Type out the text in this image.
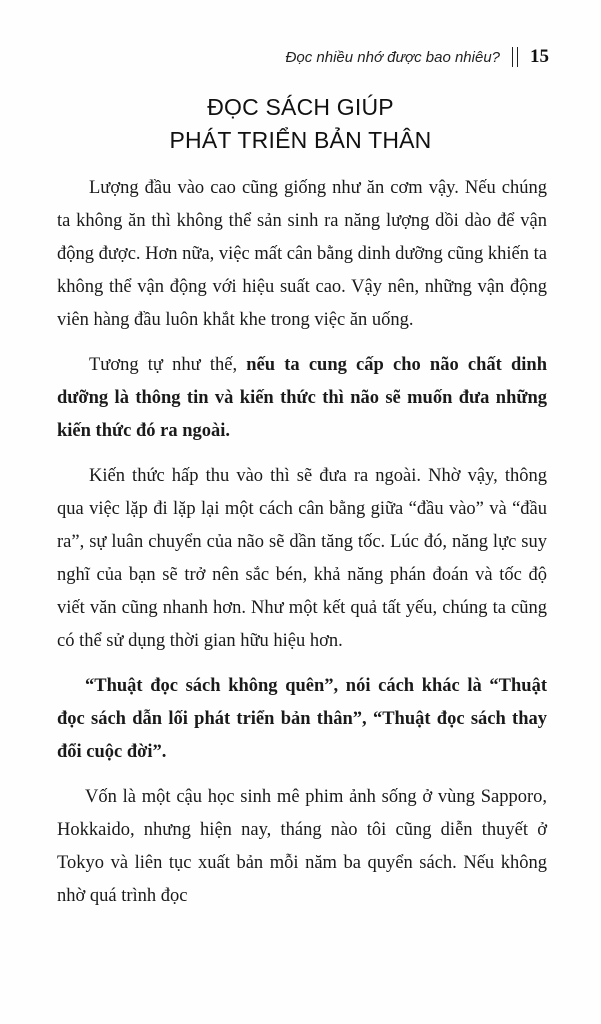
Đọc nhiều nhớ được bao nhiêu? 15
ĐỌC SÁCH GIÚP
PHÁT TRIỂN BẢN THÂN

Lượng đầu vào cao cũng giống như ăn cơm vậy. Nếu chúng ta không ăn thì không thể sản sinh ra năng lượng dồi dào để vận động được. Hơn nữa, việc mất cân bằng dinh dưỡng cũng khiến ta không thể vận động với hiệu suất cao. Vậy nên, những vận động viên hàng đầu luôn khắt khe trong việc ăn uống.

Tương tự như thế, nếu ta cung cấp cho não chất dinh dưỡng là thông tin và kiến thức thì não sẽ muốn đưa những kiến thức đó ra ngoài.

Kiến thức hấp thu vào thì sẽ đưa ra ngoài. Nhờ vậy, thông qua việc lặp đi lặp lại một cách cân bằng giữa “đầu vào” và “đầu ra”, sự luân chuyển của não sẽ dần tăng tốc. Lúc đó, năng lực suy nghĩ của bạn sẽ trở nên sắc bén, khả năng phán đoán và tốc độ viết văn cũng nhanh hơn. Như một kết quả tất yếu, chúng ta cũng có thể sử dụng thời gian hữu hiệu hơn.

“Thuật đọc sách không quên”, nói cách khác là “Thuật đọc sách dẫn lối phát triển bản thân”, “Thuật đọc sách thay đổi cuộc đời”.

Vốn là một cậu học sinh mê phim ảnh sống ở vùng Sapporo, Hokkaido, nhưng hiện nay, tháng nào tôi cũng diễn thuyết ở Tokyo và liên tục xuất bản mỗi năm ba quyển sách. Nếu không nhờ quá trình đọc
